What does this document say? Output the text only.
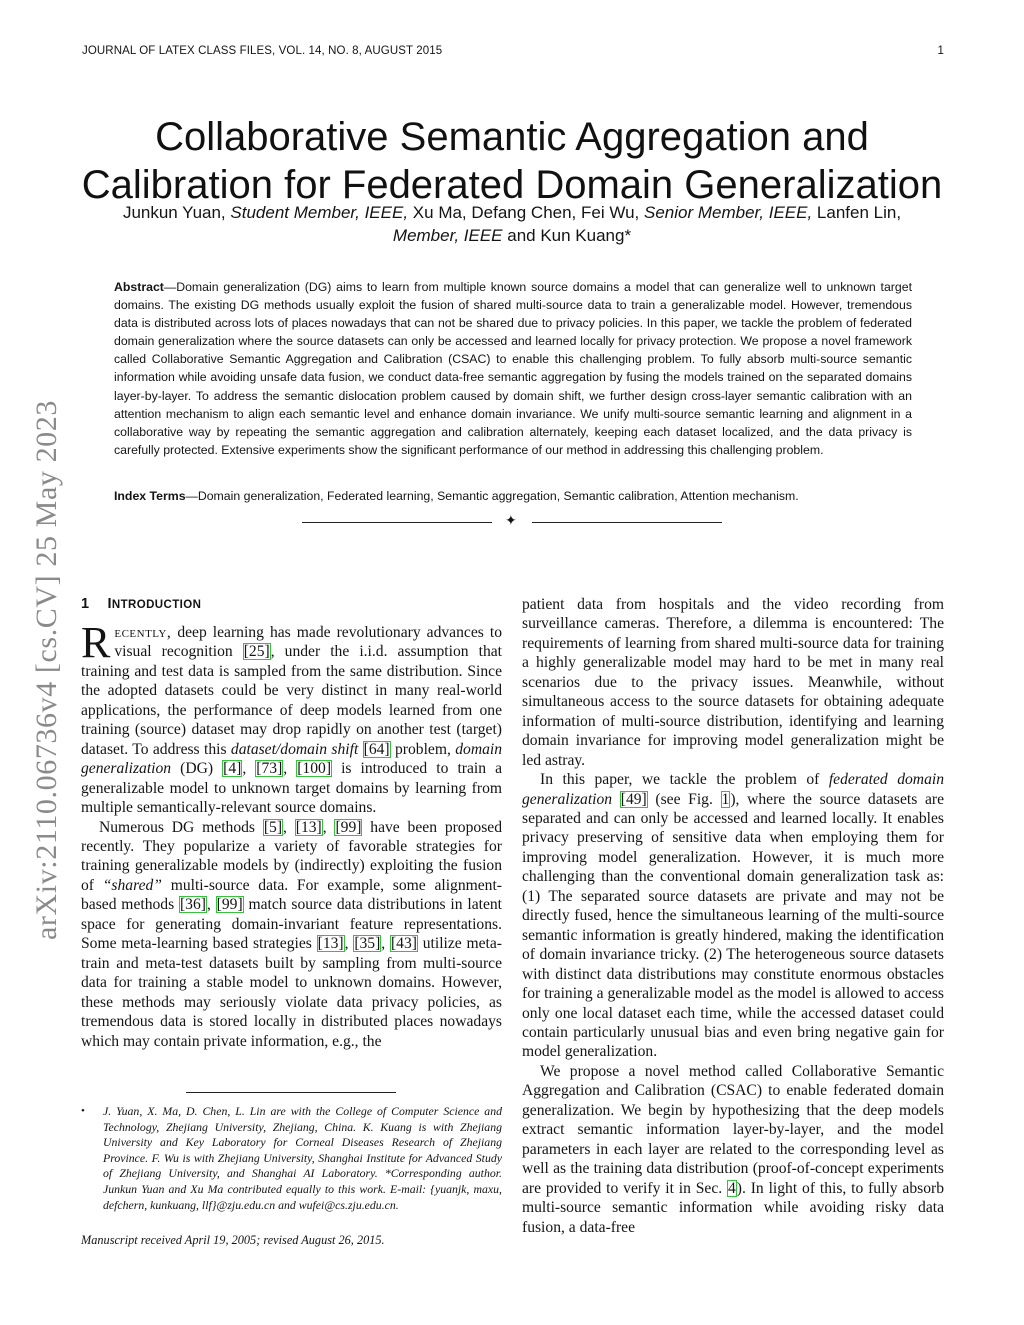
JOURNAL OF LATEX CLASS FILES, VOL. 14, NO. 8, AUGUST 2015	1
arXiv:2110.06736v4 [cs.CV] 25 May 2023
Collaborative Semantic Aggregation and
Calibration for Federated Domain Generalization
Junkun Yuan, Student Member, IEEE, Xu Ma, Defang Chen, Fei Wu, Senior Member, IEEE, Lanfen Lin,
Member, IEEE and Kun Kuang*
Abstract—Domain generalization (DG) aims to learn from multiple known source domains a model that can generalize well to unknown target domains. The existing DG methods usually exploit the fusion of shared multi-source data to train a generalizable model. However, tremendous data is distributed across lots of places nowadays that can not be shared due to privacy policies. In this paper, we tackle the problem of federated domain generalization where the source datasets can only be accessed and learned locally for privacy protection. We propose a novel framework called Collaborative Semantic Aggregation and Calibration (CSAC) to enable this challenging problem. To fully absorb multi-source semantic information while avoiding unsafe data fusion, we conduct data-free semantic aggregation by fusing the models trained on the separated domains layer-by-layer. To address the semantic dislocation problem caused by domain shift, we further design cross-layer semantic calibration with an attention mechanism to align each semantic level and enhance domain invariance. We unify multi-source semantic learning and alignment in a collaborative way by repeating the semantic aggregation and calibration alternately, keeping each dataset localized, and the data privacy is carefully protected. Extensive experiments show the significant performance of our method in addressing this challenging problem.
Index Terms—Domain generalization, Federated learning, Semantic aggregation, Semantic calibration, Attention mechanism.
✦
1 INTRODUCTION

Recently, deep learning has made revolutionary advances to visual recognition [25], under the i.i.d. assumption that training and test data is sampled from the same distribution. Since the adopted datasets could be very distinct in many real-world applications, the performance of deep models learned from one training (source) dataset may drop rapidly on another test (target) dataset. To address this dataset/domain shift [64] problem, domain generalization (DG) [4], [73], [100] is introduced to train a generalizable model to unknown target domains by learning from multiple semantically-relevant source domains.

Numerous DG methods [5], [13], [99] have been proposed recently. They popularize a variety of favorable strategies for training generalizable models by (indirectly) exploiting the fusion of “shared” multi-source data. For example, some alignment-based methods [36], [99] match source data distributions in latent space for generating domain-invariant feature representations. Some meta-learning based strategies [13], [35], [43] utilize meta-train and meta-test datasets built by sampling from multi-source data for training a stable model to unknown domains. However, these methods may seriously violate data privacy policies, as tremendous data is stored locally in distributed places nowadays which may contain private information, e.g., the

• J. Yuan, X. Ma, D. Chen, L. Lin are with the College of Computer Science and Technology, Zhejiang University, Zhejiang, China. K. Kuang is with Zhejiang University and Key Laboratory for Corneal Diseases Research of Zhejiang Province. F. Wu is with Zhejiang University, Shanghai Institute for Advanced Study of Zhejiang University, and Shanghai AI Laboratory. *Corresponding author. Junkun Yuan and Xu Ma contributed equally to this work. E-mail: {yuanjk, maxu, defchern, kunkuang, llf}@zju.edu.cn and wufei@cs.zju.edu.cn.
Manuscript received April 19, 2005; revised August 26, 2015.

patient data from hospitals and the video recording from surveillance cameras. Therefore, a dilemma is encountered: The requirements of learning from shared multi-source data for training a highly generalizable model may hard to be met in many real scenarios due to the privacy issues. Meanwhile, without simultaneous access to the source datasets for obtaining adequate information of multi-source distribution, identifying and learning domain invariance for improving model generalization might be led astray.

In this paper, we tackle the problem of federated domain generalization [49] (see Fig. 1), where the source datasets are separated and can only be accessed and learned locally. It enables privacy preserving of sensitive data when employing them for improving model generalization. However, it is much more challenging than the conventional domain generalization task as: (1) The separated source datasets are private and may not be directly fused, hence the simultaneous learning of the multi-source semantic information is greatly hindered, making the identification of domain invariance tricky. (2) The heterogeneous source datasets with distinct data distributions may constitute enormous obstacles for training a generalizable model as the model is allowed to access only one local dataset each time, while the accessed dataset could contain particularly unusual bias and even bring negative gain for model generalization.

We propose a novel method called Collaborative Semantic Aggregation and Calibration (CSAC) to enable federated domain generalization. We begin by hypothesizing that the deep models extract semantic information layer-by-layer, and the model parameters in each layer are related to the corresponding level as well as the training data distribution (proof-of-concept experiments are provided to verify it in Sec. 4). In light of this, to fully absorb multi-source semantic information while avoiding risky data fusion, a data-free
